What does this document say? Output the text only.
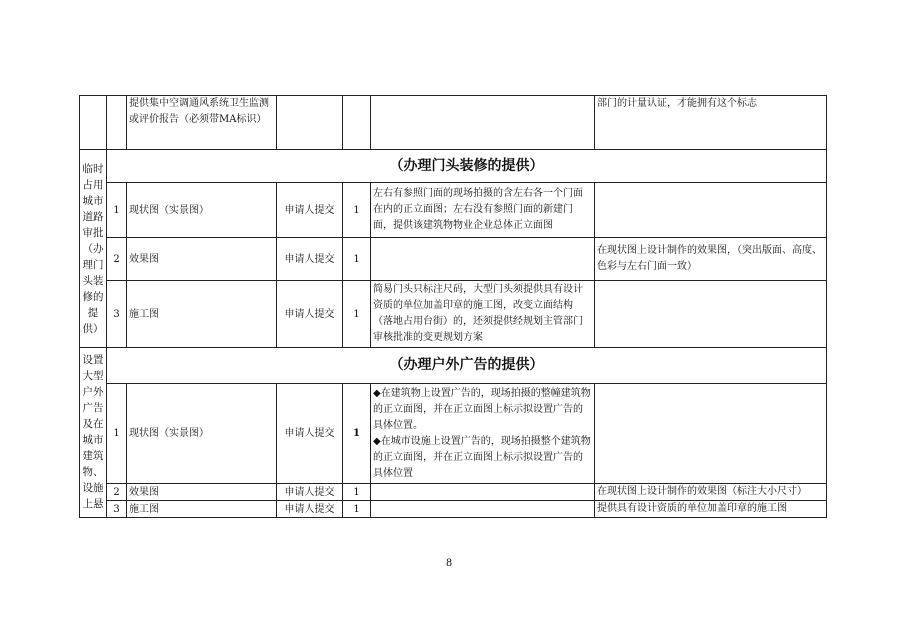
		提供集中空调通风系统卫生监测或评价报告（必须带MA标识）				部门的计量认证，才能拥有这个标志
临时占用城市道路审批（办理门头装修的提供）	（办理门头装修的提供）					
	1	现状图（实景图）	申请人提交	1	左右有参照门面的现场拍摄的含左右各一个门面在内的正立面图；左右没有参照门面的新建门面，提供该建筑物物业企业总体正立面图	
	2	效果图	申请人提交	1		在现状图上设计制作的效果图，（突出版面、高度、色彩与左右门面一致）
	3	施工图	申请人提交	1	简易门头只标注尺码，大型门头须提供具有设计资质的单位加盖印章的施工图，改变立面结构（落地占用台街）的，还须提供经规划主管部门审核批准的变更规划方案	
设置大型户外广告及在城市建筑物、设施上悬	（办理户外广告的提供）					
	1	现状图（实景图）	申请人提交	1	◆在建筑物上设置广告的，现场拍摄的整幢建筑物的正立面图，并在正立面图上标示拟设置广告的具体位置。
◆在城市设施上设置广告的，现场拍摄整个建筑物的正立面图，并在正立面图上标示拟设置广告的具体位置	

	2	效果图	申请人提交	1		在现状图上设计制作的效果图（标注大小尺寸）
	3	施工图	申请人提交	1		提供具有设计资质的单位加盖印章的施工图
8
